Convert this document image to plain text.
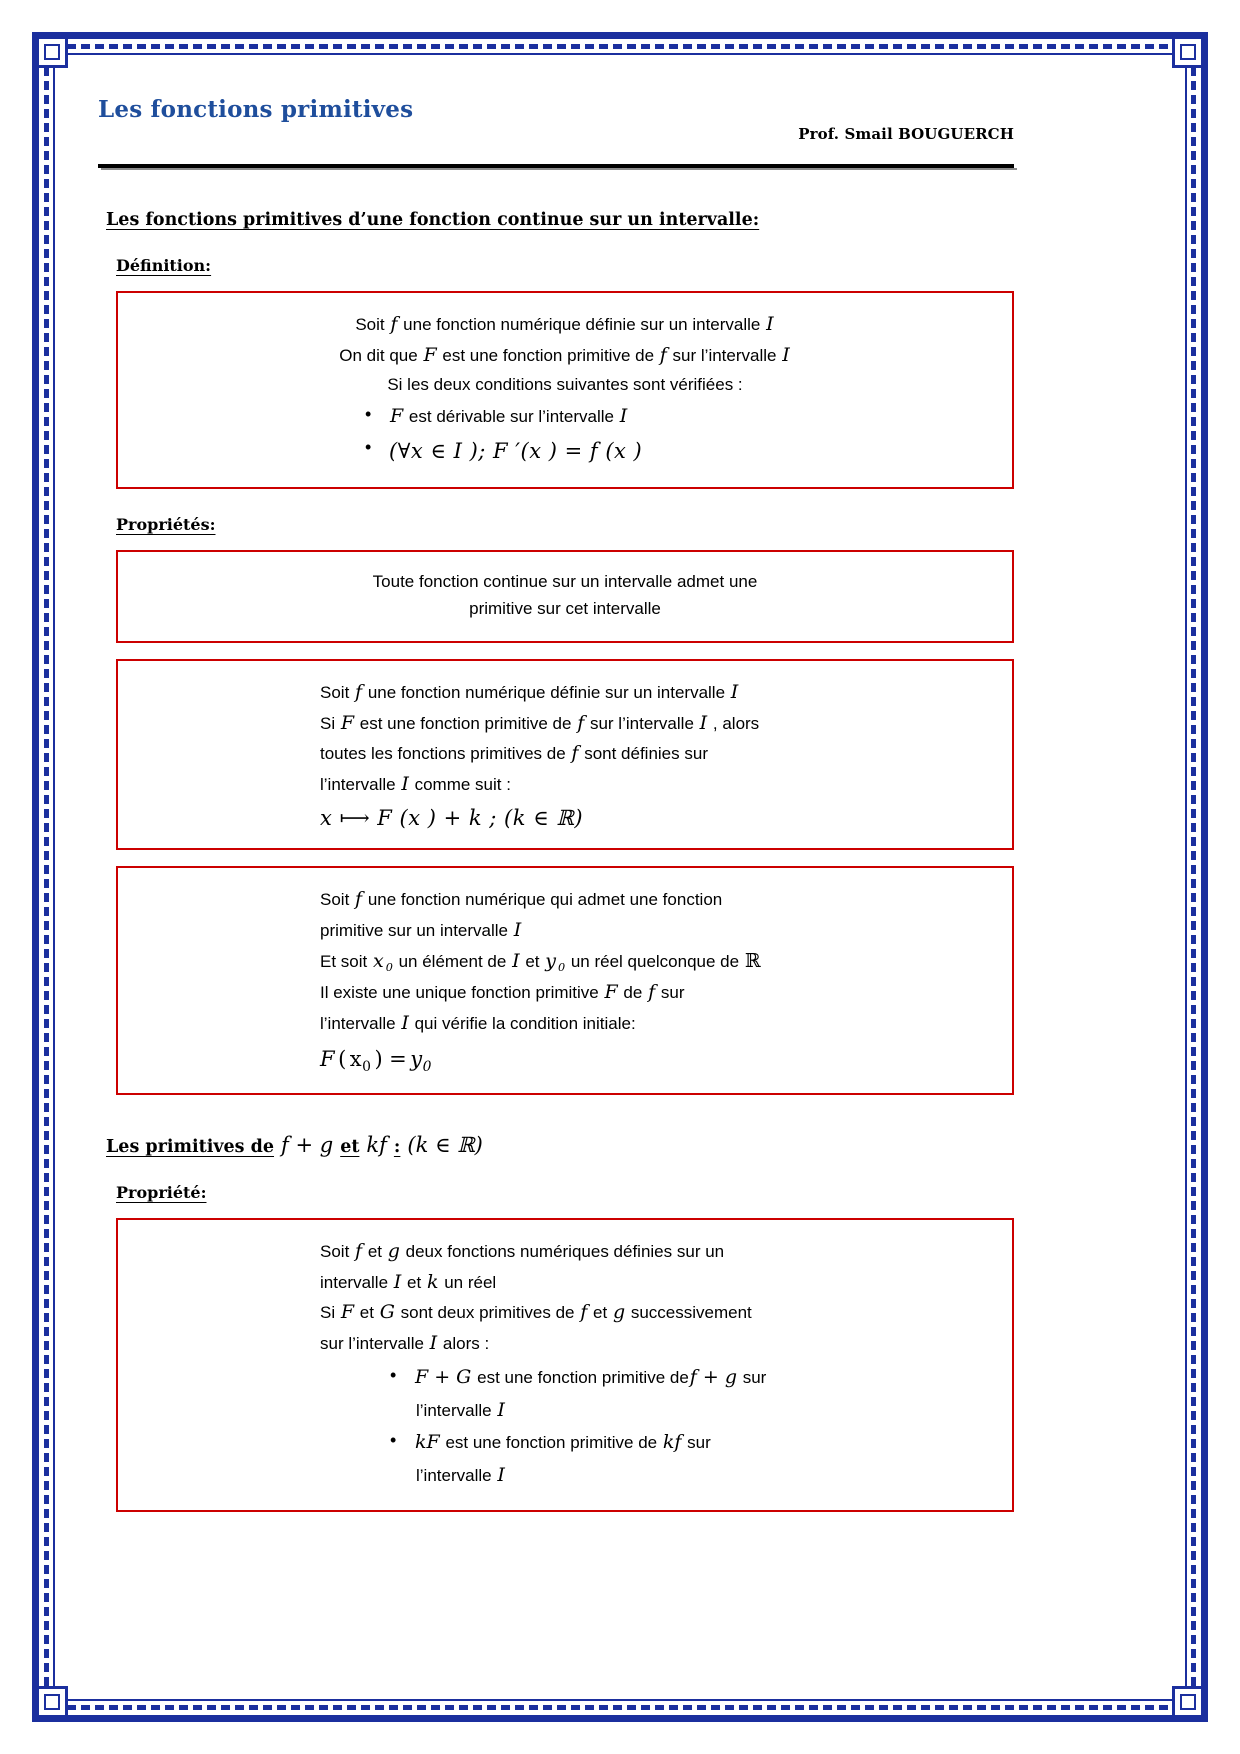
Les fonctions primitives
Prof. Smail BOUGUERCH
Les fonctions primitives d’une fonction continue sur un intervalle:
Définition:
Soit f une fonction numérique définie sur un intervalle I
On dit que F est une fonction primitive de f sur l’intervalle I
Si les deux conditions suivantes sont vérifiées :
• F est dérivable sur l’intervalle I
• (∀x ∈ I ); F ′(x ) = f (x )
Propriétés:
Toute fonction continue sur un intervalle admet une
primitive sur cet intervalle
Soit f une fonction numérique définie sur un intervalle I
Si F est une fonction primitive de f sur l’intervalle I , alors
toutes les fonctions primitives de f sont définies sur
l’intervalle I comme suit :
x ⟼ F (x ) + k ; (k ∈ ℝ)
Soit f une fonction numérique qui admet une fonction
primitive sur un intervalle I
Et soit x $_0$ un élément de I et y $_0$ un réel quelconque de ℝ
Il existe une unique fonction primitive F de f sur
l’intervalle I qui vérifie la condition initiale:
F ( $x_0$ ) = $y_0$
Les primitives de f + g et kf : (k ∈ ℝ)
Propriété:
Soit f et g deux fonctions numériques définies sur un
intervalle I et k un réel
Si F et G sont deux primitives de f et g successivement
sur l’intervalle I alors :
• F + G est une fonction primitive def + g sur
l’intervalle I
• kF est une fonction primitive de kf sur
l’intervalle I
